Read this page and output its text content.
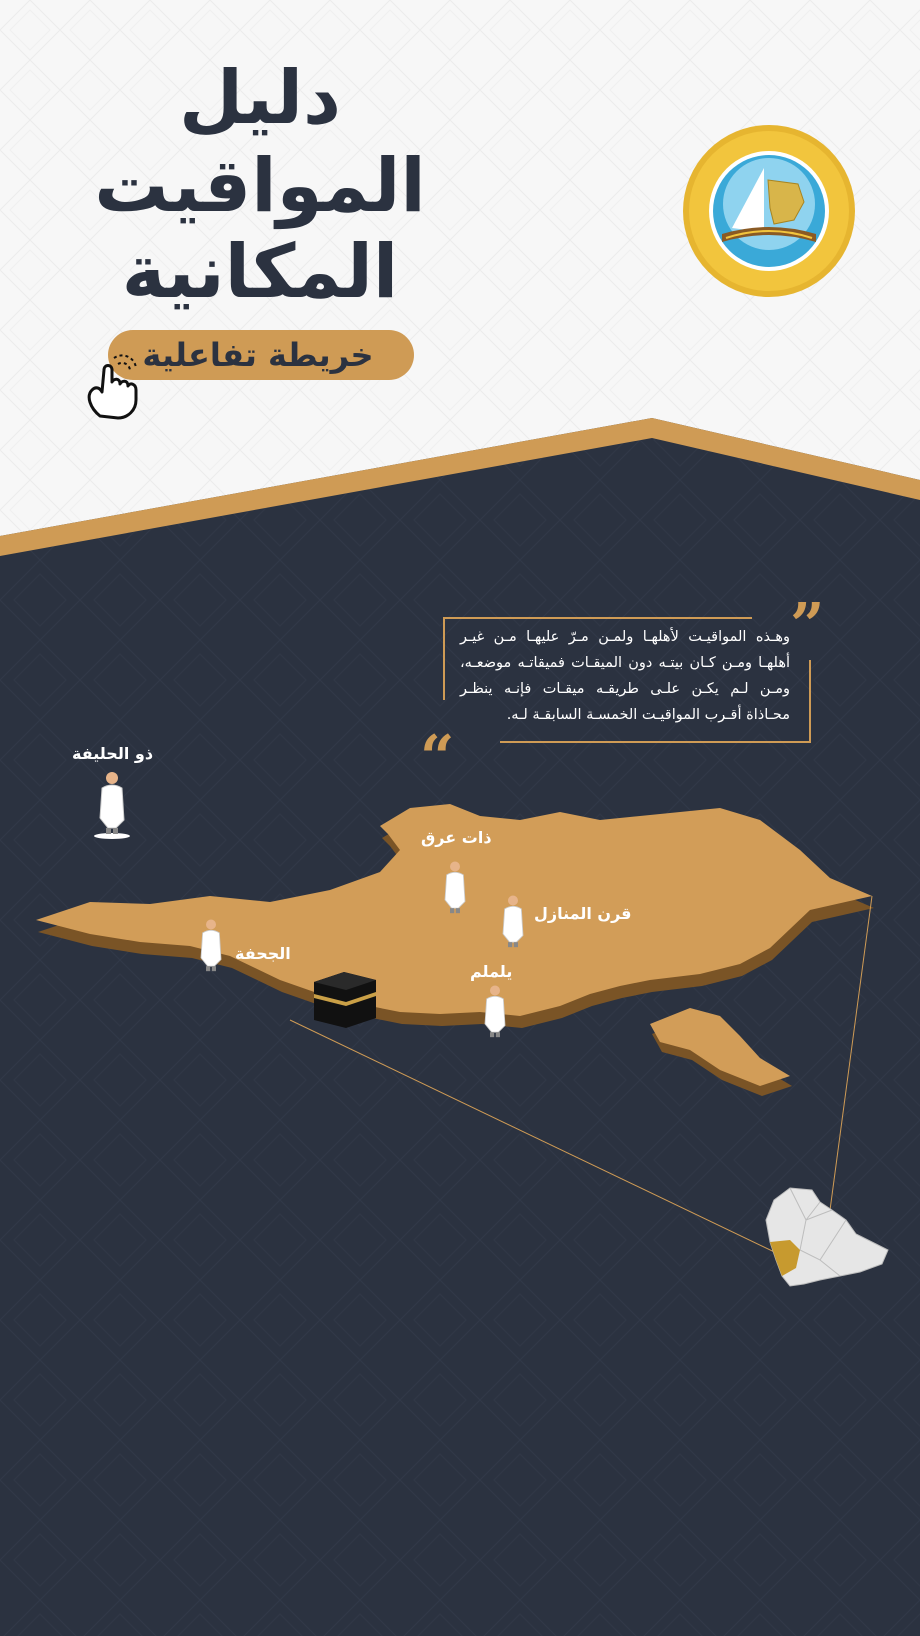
دليل
المواقيت
المكانية
خريطة تفاعلية
”
“
وهـذه المواقيـت لأهلهـا ولمـن مـرّ عليهـا مـن غيـر أهلهـا ومـن كـان بيتـه دون الميقـات فميقاتـه موضعـه، ومـن لـم يكـن علـى طريقـه ميقـات فإنـه ينظـر محـاذاة أقـرب المواقيـت الخمسـة السابقـة لـه.
ذو الحليفة
ذات عرق
قرن المنازل
الجحفة
يلملم
